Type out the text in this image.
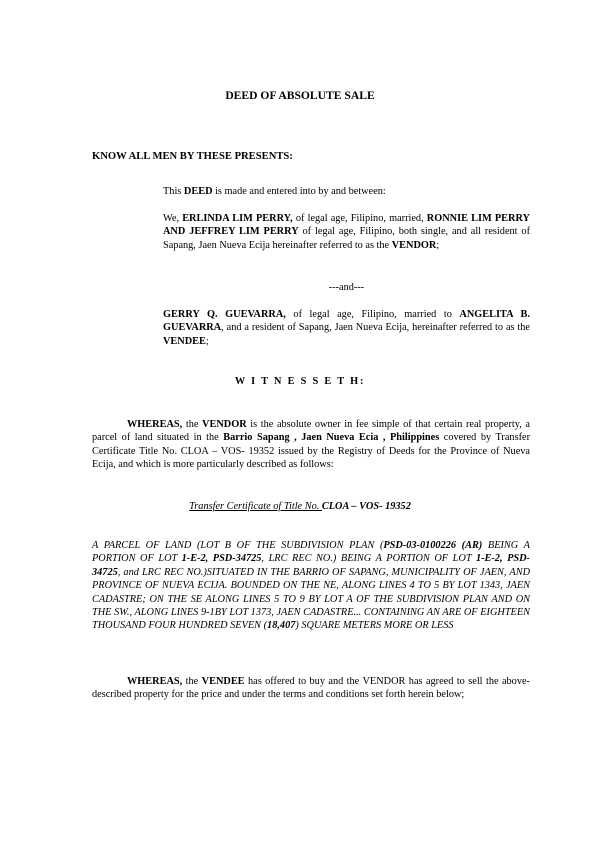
DEED OF ABSOLUTE SALE
KNOW ALL MEN BY THESE PRESENTS:
This DEED is made and entered into by and between:
We, ERLINDA LIM PERRY, of legal age, Filipino, married, RONNIE LIM PERRY AND JEFFREY LIM PERRY of legal age, Filipino, both single, and all resident of Sapang, Jaen Nueva Ecija hereinafter referred to as the VENDOR;
---and---
GERRY Q. GUEVARRA, of legal age, Filipino, married to ANGELITA B. GUEVARRA, and a resident of Sapang, Jaen Nueva Ecija, hereinafter referred to as the VENDEE;
W I T N E S S E T H:
WHEREAS, the VENDOR is the absolute owner in fee simple of that certain real property, a parcel of land situated in the Barrio Sapang , Jaen Nueva Ecia , Philippines covered by Transfer Certificate Title No. CLOA – VOS- 19352 issued by the Registry of Deeds for the Province of Nueva Ecija, and which is more particularly described as follows:
Transfer Certificate of Title No. CLOA – VOS- 19352
A PARCEL OF LAND (LOT B OF THE SUBDIVISION PLAN (PSD-03-0100226 (AR) BEING A PORTION OF LOT 1-E-2, PSD-34725, LRC REC NO.) BEING A PORTION OF LOT 1-E-2, PSD-34725, and LRC REC NO.)SITUATED IN THE BARRIO OF SAPANG, MUNICIPALITY OF JAEN, AND PROVINCE OF NUEVA ECIJA. BOUNDED ON THE NE, ALONG LINES 4 TO 5 BY LOT 1343, JAEN CADASTRE; ON THE SE ALONG LINES 5 TO 9 BY LOT A OF THE SUBDIVISION PLAN AND ON THE SW., ALONG LINES 9-1BY LOT 1373, JAEN CADASTRE... CONTAINING AN ARE OF EIGHTEEN THOUSAND FOUR HUNDRED SEVEN (18,407) SQUARE METERS MORE OR LESS
WHEREAS, the VENDEE has offered to buy and the VENDOR has agreed to sell the above-described property for the price and under the terms and conditions set forth herein below;
